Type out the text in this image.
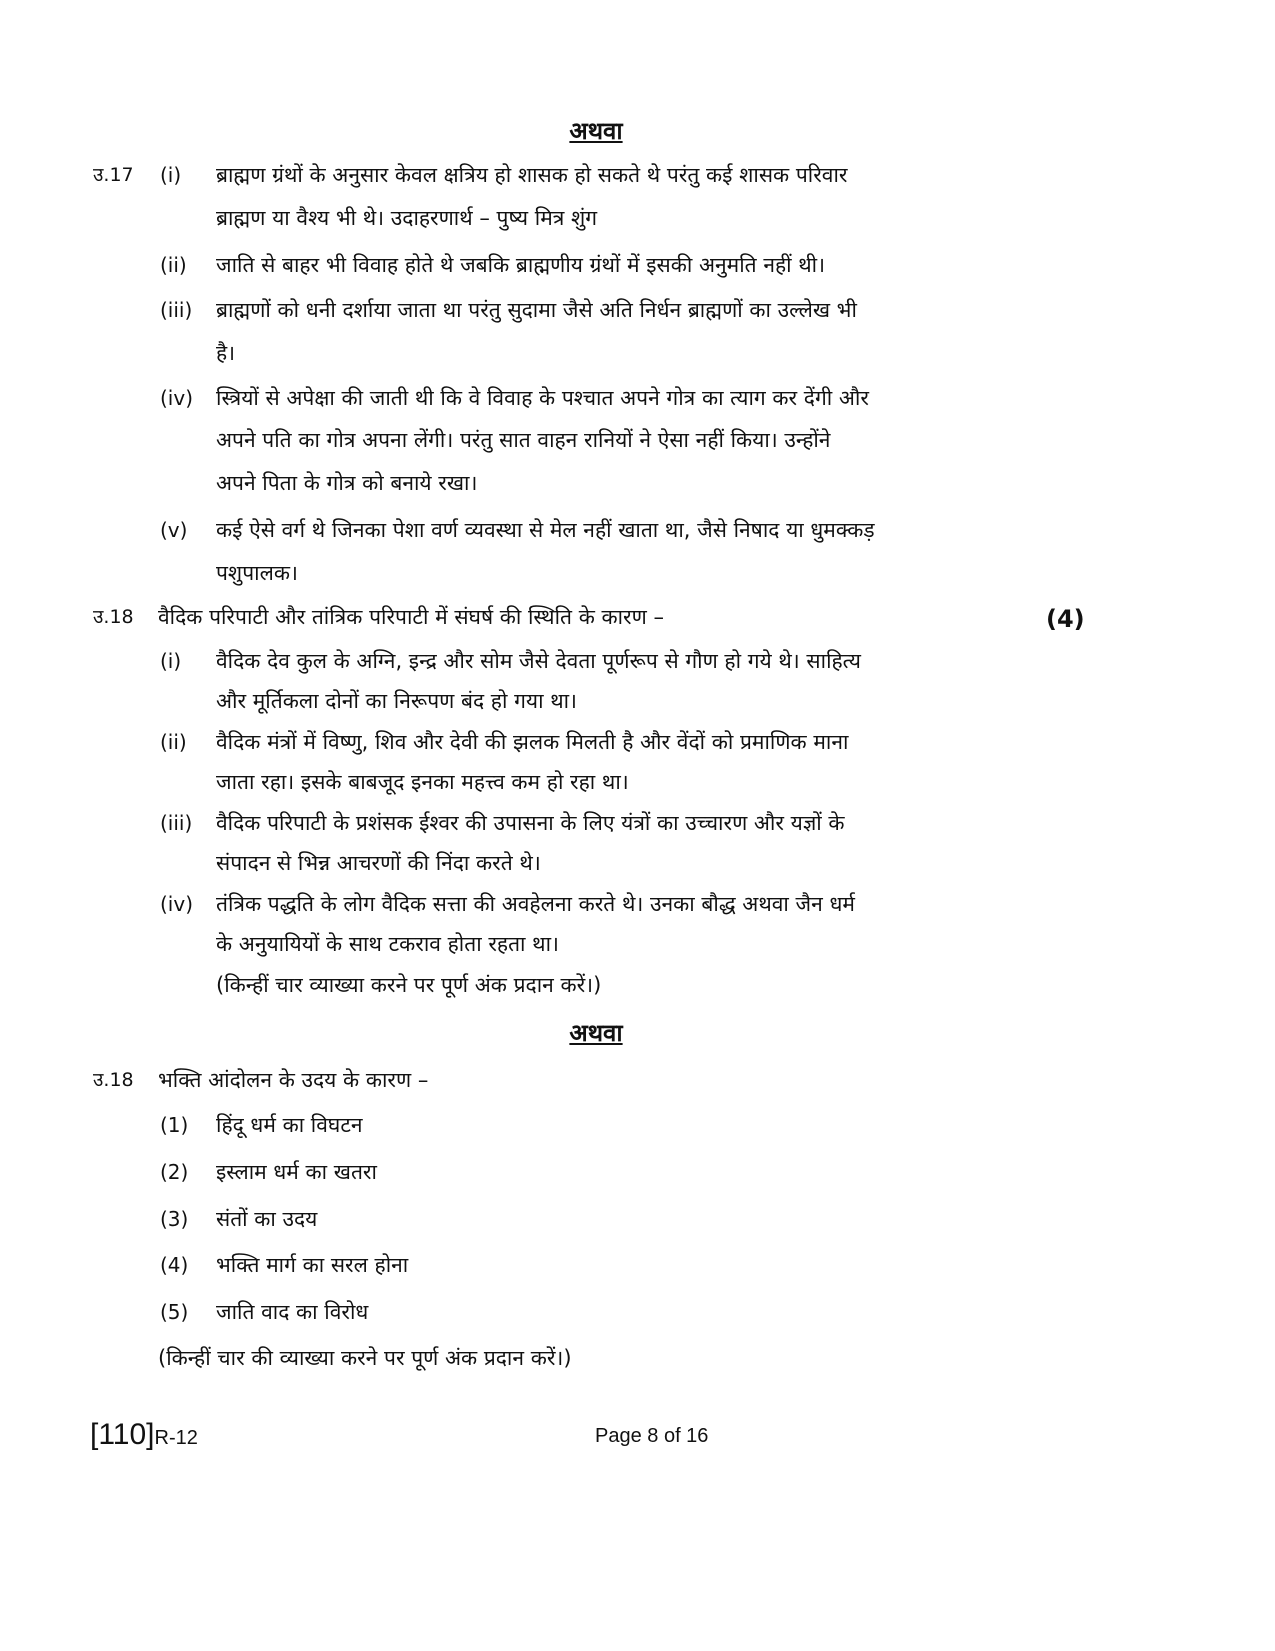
अथवा
उ.17 (i) ब्राह्मण ग्रंथों के अनुसार केवल क्षत्रिय हो शासक हो सकते थे परंतु कई शासक परिवार
ब्राह्मण या वैश्य भी थे। उदाहरणार्थ – पुष्य मित्र शुंग
(ii) जाति से बाहर भी विवाह होते थे जबकि ब्राह्मणीय ग्रंथों में इसकी अनुमति नहीं थी।
(iii) ब्राह्मणों को धनी दर्शाया जाता था परंतु सुदामा जैसे अति निर्धन ब्राह्मणों का उल्लेख भी
है।
(iv) स्त्रियों से अपेक्षा की जाती थी कि वे विवाह के पश्चात अपने गोत्र का त्याग कर देंगी और
अपने पति का गोत्र अपना लेंगी। परंतु सात वाहन रानियों ने ऐसा नहीं किया। उन्होंने
अपने पिता के गोत्र को बनाये रखा।
(v) कई ऐसे वर्ग थे जिनका पेशा वर्ण व्यवस्था से मेल नहीं खाता था, जैसे निषाद या धुमक्कड़
पशुपालक।
उ.18 वैदिक परिपाटी और तांत्रिक परिपाटी में संघर्ष की स्थिति के कारण –	(4)
(i) वैदिक देव कुल के अग्नि, इन्द्र और सोम जैसे देवता पूर्णरूप से गौण हो गये थे। साहित्य
और मूर्तिकला दोनों का निरूपण बंद हो गया था।
(ii) वैदिक मंत्रों में विष्णु, शिव और देवी की झलक मिलती है और वेंदों को प्रमाणिक माना
जाता रहा। इसके बाबजूद इनका महत्त्व कम हो रहा था।
(iii) वैदिक परिपाटी के प्रशंसक ईश्वर की उपासना के लिए यंत्रों का उच्चारण और यज्ञों के
संपादन से भिन्न आचरणों की निंदा करते थे।
(iv) तंत्रिक पद्धति के लोग वैदिक सत्ता की अवहेलना करते थे। उनका बौद्ध अथवा जैन धर्म
के अनुयायियों के साथ टकराव होता रहता था।
(किन्हीं चार व्याख्या करने पर पूर्ण अंक प्रदान करें।)
अथवा
उ.18 भक्ति आंदोलन के उदय के कारण –
(1) हिंदू धर्म का विघटन
(2) इस्लाम धर्म का खतरा
(3) संतों का उदय
(4) भक्ति मार्ग का सरल होना
(5) जाति वाद का विरोध
(किन्हीं चार की व्याख्या करने पर पूर्ण अंक प्रदान करें।)
[110]R-12	Page 8 of 16
